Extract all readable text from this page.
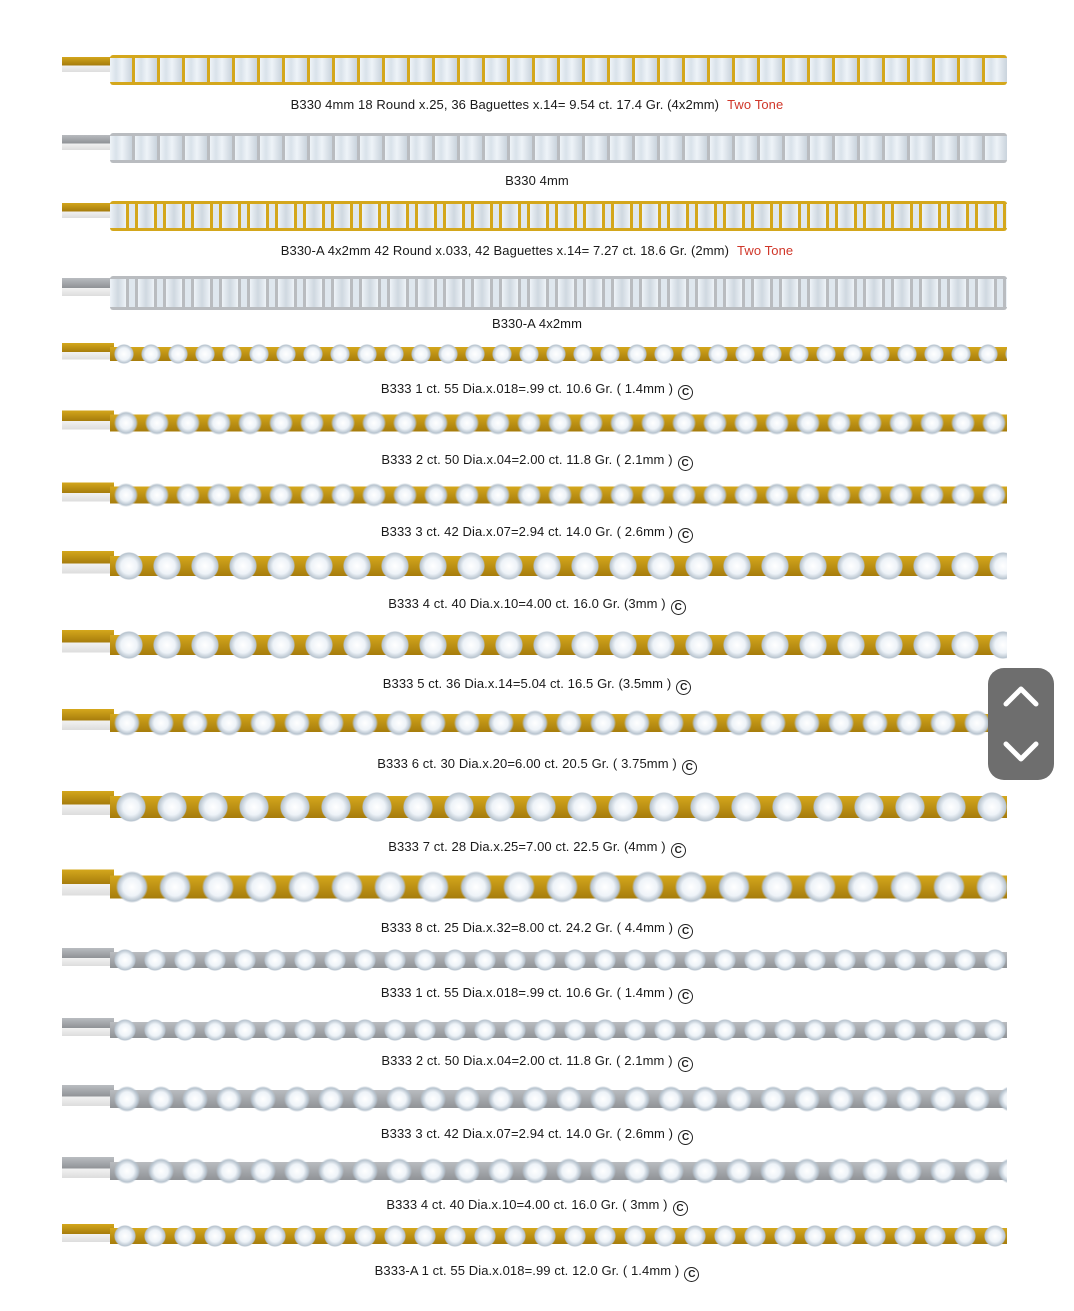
B330 4mm 18 Round x.25, 36 Baguettes x.14= 9.54 ct. 17.4 Gr. (4x2mm) Two Tone
B330 4mm
B330-A 4x2mm 42 Round x.033, 42 Baguettes x.14= 7.27 ct. 18.6 Gr. (2mm) Two Tone
B330-A 4x2mm
B333 1 ct. 55 Dia.x.018=.99 ct. 10.6 Gr. ( 1.4mm )C
B333 2 ct. 50 Dia.x.04=2.00 ct. 11.8 Gr. ( 2.1mm )C
B333 3 ct. 42 Dia.x.07=2.94 ct. 14.0 Gr. ( 2.6mm )C
B333 4 ct. 40 Dia.x.10=4.00 ct. 16.0 Gr. (3mm )C
B333 5 ct. 36 Dia.x.14=5.04 ct. 16.5 Gr. (3.5mm )C
B333 6 ct. 30 Dia.x.20=6.00 ct. 20.5 Gr. ( 3.75mm )C
B333 7 ct. 28 Dia.x.25=7.00 ct. 22.5 Gr. (4mm )C
B333 8 ct. 25 Dia.x.32=8.00 ct. 24.2 Gr. ( 4.4mm )C
B333 1 ct. 55 Dia.x.018=.99 ct. 10.6 Gr. ( 1.4mm )C
B333 2 ct. 50 Dia.x.04=2.00 ct. 11.8 Gr. ( 2.1mm )C
B333 3 ct. 42 Dia.x.07=2.94 ct. 14.0 Gr. ( 2.6mm )C
B333 4 ct. 40 Dia.x.10=4.00 ct. 16.0 Gr. ( 3mm )C
B333-A 1 ct. 55 Dia.x.018=.99 ct. 12.0 Gr. ( 1.4mm )C
